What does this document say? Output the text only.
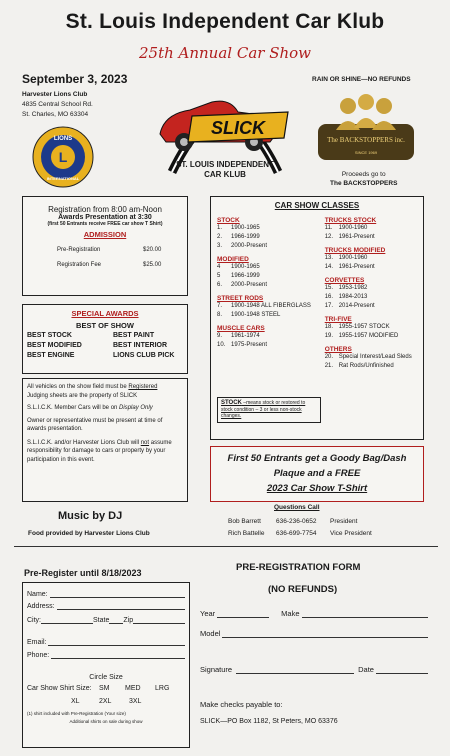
St. Louis Independent Car Klub
25th Annual Car Show
September 3, 2023
Harvester Lions Club
4835 Central School Rd.
St. Charles, MO 63304
L
LIONS
INTERNATIONAL
SLICK
ST. LOUIS INDEPENDENT
CAR KLUB
RAIN OR SHINE—NO REFUNDS
The BACKSTOPPERS inc.
SINCE 1969
Proceeds go to
The BACKSTOPPERS
Registration from 8:00 am-Noon
Awards Presentation at 3:30
(first 50 Entrants receive FREE car show T Shirt)
ADMISSION
Pre-Registration	$20.00
Registration Fee	$25.00
SPECIAL AWARDS
BEST OF SHOW
BEST STOCK	BEST PAINT
BEST MODIFIED	BEST INTERIOR
BEST ENGINE	LIONS CLUB PICK
All vehicles on the show field must be Registered
Judging sheets are the property of SLICK
S.L.I.C.K. Member Cars will be on Display Only
Owner or representative must be present at time of awards presentation.
S.L.I.C.K. and/or Harvester Lions Club will not assume responsibility for damage to cars or property by your participation in this event.
CAR SHOW CLASSES
STOCK
1.	1900-1965
2.	1966-1999
3.	2000-Present
MODIFIED
4	1900-1965
5	1966-1999
6.	2000-Present
STREET RODS
7.	1900-1948 ALL FIBERGLASS
8.	1900-1948 STEEL
MUSCLE CARS
9.	1961-1974
10. 1975-Present
TRUCKS STOCK
11.	1900-1960
12. 1961-Present
TRUCKS MODIFIED
13. 1900-1960
14. 1961-Present
CORVETTES
15. 1953-1982
16. 1984-2013
17. 2014-Present
TRI-FIVE
18. 1955-1957 STOCK
19. 1955-1957 MODIFIED
OTHERS
20. Special Interest/Lead Sleds
21. Rat Rods/Unfinished
STOCK –means stock or restored to stock condition – 3 or less non-stock changes.
First 50 Entrants get a Goody Bag/Dash
Plaque and a FREE
2023 Car Show T-Shirt
Music by DJ
Food provided by Harvester Lions Club
Questions Call
Bob Barrett	636-236-0652	President
Rich Battelle	636-699-7754	Vice President
Pre-Register until 8/18/2023
Name:
Address:
City:	State Zip
Email:
Phone:
Circle Size
Car Show Shirt Size:	SM	MED	LRG
XL	2XL	3XL
(1) shirt included with Pre-Registration (Your size)
Additional shirts on sale during show
PRE-REGISTRATION FORM
(NO REFUNDS)
Year	Make
Model
Signature	Date
Make checks payable to:
SLICK—PO Box 1182, St Peters, MO 63376
